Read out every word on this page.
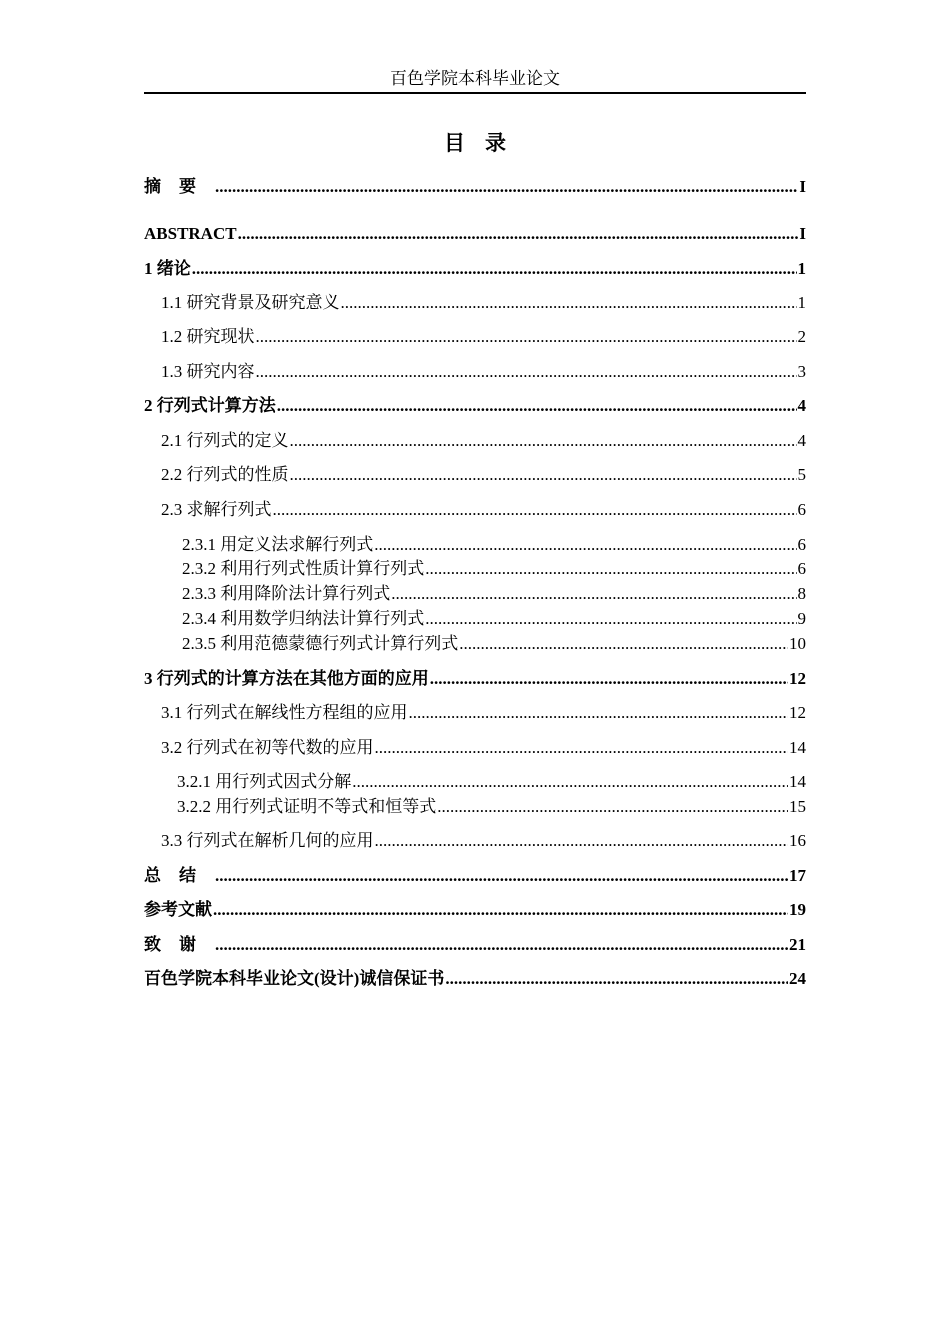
百色学院本科毕业论文
目录
摘要 .....	I
ABSTRACT .....	I
1 绪论 .....	1
1.1 研究背景及研究意义 .....	1
1.2 研究现状 .....	2
1.3 研究内容 .....	3
2 行列式计算方法 .....	4
2.1 行列式的定义 .....	4
2.2 行列式的性质 .....	5
2.3 求解行列式 .....	6
2.3.1 用定义法求解行列式 .....	6
2.3.2 利用行列式性质计算行列式 .....	6
2.3.3 利用降阶法计算行列式 .....	8
2.3.4 利用数学归纳法计算行列式 .....	9
2.3.5 利用范德蒙德行列式计算行列式 .....	10
3 行列式的计算方法在其他方面的应用 .....	12
3.1 行列式在解线性方程组的应用 .....	12
3.2 行列式在初等代数的应用 .....	14
3.2.1 用行列式因式分解 .....	14
3.2.2 用行列式证明不等式和恒等式 .....	15
3.3 行列式在解析几何的应用 .....	16
总结 .....	17
参考文献 .....	19
致谢 .....	21
百色学院本科毕业论文(设计)诚信保证书 .....	24
